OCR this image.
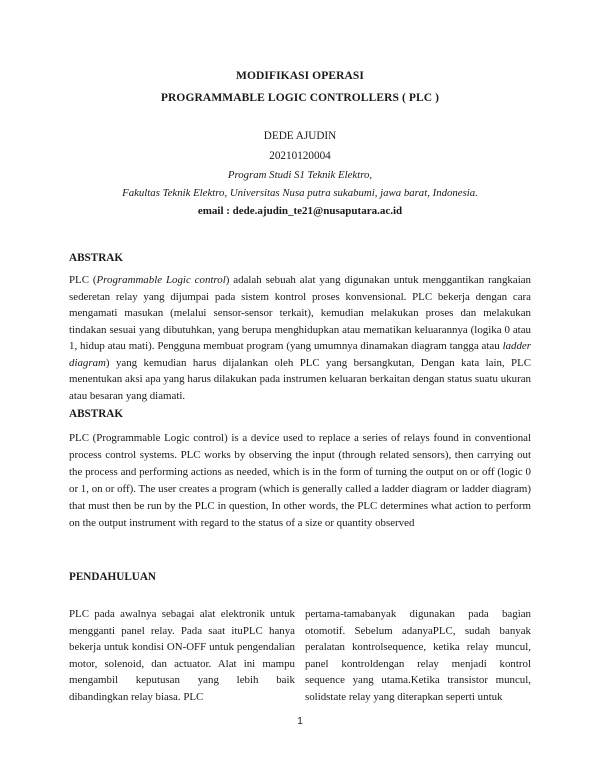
MODIFIKASI OPERASI
PROGRAMMABLE LOGIC CONTROLLERS ( PLC )
DEDE AJUDIN
20210120004
Program Studi S1 Teknik Elektro,
Fakultas Teknik Elektro, Universitas Nusa putra sukabumi, jawa barat, Indonesia.
email : dede.ajudin_te21@nusaputara.ac.id
ABSTRAK
PLC (Programmable Logic control) adalah sebuah alat yang digunakan untuk menggantikan rangkaian sederetan relay yang dijumpai pada sistem kontrol proses konvensional. PLC bekerja dengan cara mengamati masukan (melalui sensor-sensor terkait), kemudian melakukan proses dan melakukan tindakan sesuai yang dibutuhkan, yang berupa menghidupkan atau mematikan keluarannya (logika 0 atau 1, hidup atau mati). Pengguna membuat program (yang umumnya dinamakan diagram tangga atau ladder diagram) yang kemudian harus dijalankan oleh PLC yang bersangkutan, Dengan kata lain, PLC menentukan aksi apa yang harus dilakukan pada instrumen keluaran berkaitan dengan status suatu ukuran atau besaran yang diamati.
ABSTRAK
PLC (Programmable Logic control) is a device used to replace a series of relays found in conventional process control systems. PLC works by observing the input (through related sensors), then carrying out the process and performing actions as needed, which is in the form of turning the output on or off (logic 0 or 1, on or off). The user creates a program (which is generally called a ladder diagram or ladder diagram) that must then be run by the PLC in question, In other words, the PLC determines what action to perform on the output instrument with regard to the status of a size or quantity observed
PENDAHULUAN
PLC pada awalnya sebagai alat elektronik untuk mengganti panel relay. Pada saat ituPLC hanya bekerja untuk kondisi ON-OFF untuk pengendalian motor, solenoid, dan actuator. Alat ini mampu mengambil keputusan yang lebih baik dibandingkan relay biasa. PLC
pertama-tamabanyak digunakan pada bagian otomotif. Sebelum adanyaPLC, sudah banyak peralatan kontrolsequence, ketika relay muncul, panel kontroldengan relay menjadi kontrol sequence yang utama.Ketika transistor muncul, solidstate relay yang diterapkan seperti untuk
1
